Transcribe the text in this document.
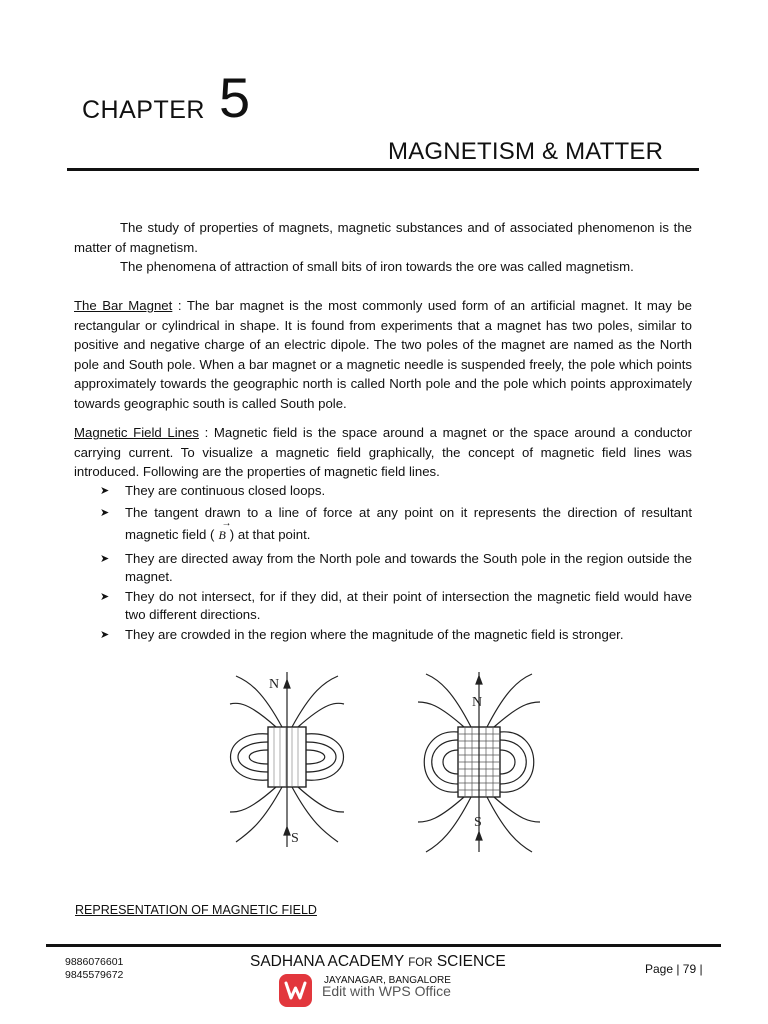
CHAPTER 5
MAGNETISM & MATTER

The study of properties of magnets, magnetic substances and of associated phenomenon is the matter of magnetism.

The phenomena of attraction of small bits of iron towards the ore was called magnetism.

The Bar Magnet : The bar magnet is the most commonly used form of an artificial magnet. It may be rectangular or cylindrical in shape. It is found from experiments that a magnet has two poles, similar to positive and negative charge of an electric dipole. The two poles of the magnet are named as the North pole and South pole. When a bar magnet or a magnetic needle is suspended freely, the pole which points approximately towards the geographic north is called North pole and the pole which points approximately towards geographic south is called South pole.

Magnetic Field Lines : Magnetic field is the space around a magnet or the space around a conductor carrying current. To visualize a magnetic field graphically, the concept of magnetic field lines was introduced. Following are the properties of magnetic field lines.

➤ They are continuous closed loops.
➤ The tangent drawn to a line of force at any point on it represents the direction of resultant magnetic field ( B → ) at that point.
➤ They are directed away from the North pole and towards the South pole in the region outside the magnet.
➤ They do not intersect, for if they did, at their point of intersection the magnetic field would have two different directions.
➤ They are crowded in the region where the magnitude of the magnetic field is stronger.
N
S
N
S
REPRESENTATION OF MAGNETIC FIELD
9886076601
9845579672
SADHANA ACADEMY FOR SCIENCE
JAYANAGAR, BANGALORE
Page | 79 |
Edit with WPS Office
